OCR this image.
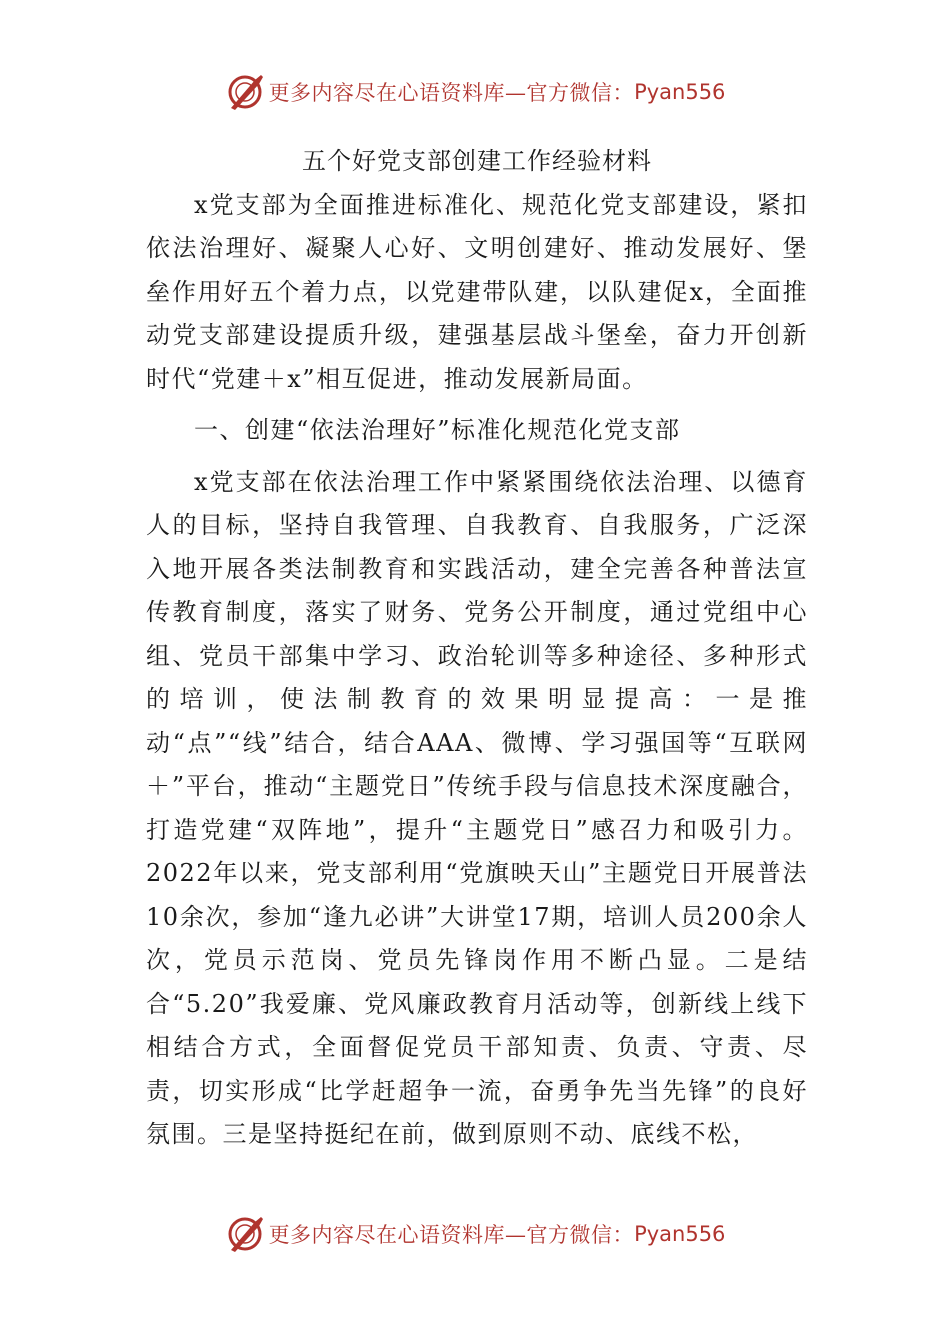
更多内容尽在心语资料库—官方微信： Pyan556
五个好党支部创建工作经验材料

x党支部为全面推进标准化、规范化党支部建设，紧扣依法治理好、凝聚人心好、文明创建好、推动发展好、堡垒作用好五个着力点，以党建带队建，以队建促x，全面推动党支部建设提质升级，建强基层战斗堡垒，奋力开创新时代“党建＋x”相互促进，推动发展新局面。

一、创建“依法治理好”标准化规范化党支部

x党支部在依法治理工作中紧紧围绕依法治理、以德育人的目标，坚持自我管理、自我教育、自我服务，广泛深入地开展各类法制教育和实践活动，建全完善各种普法宣传教育制度，落实了财务、党务公开制度，通过党组中心组、党员干部集中学习、政治轮训等多种途径、多种形式的培训，使法制教育的效果明显提高：一是推动“点”“线”结合，结合AAA、微博、学习强国等“互联网＋”平台，推动“主题党日”传统手段与信息技术深度融合，打造党建“双阵地”，提升“主题党日”感召力和吸引力。2022年以来，党支部利用“党旗映天山”主题党日开展普法10余次，参加“逢九必讲”大讲堂17期，培训人员200余人次，党员示范岗、党员先锋岗作用不断凸显。二是结合“5.20”我爱廉、党风廉政教育月活动等，创新线上线下相结合方式，全面督促党员干部知责、负责、守责、尽责，切实形成“比学赶超争一流，奋勇争先当先锋”的良好氛围。三是坚持挺纪在前，做到原则不动、底线不松，

更多内容尽在心语资料库—官方微信： Pyan556
